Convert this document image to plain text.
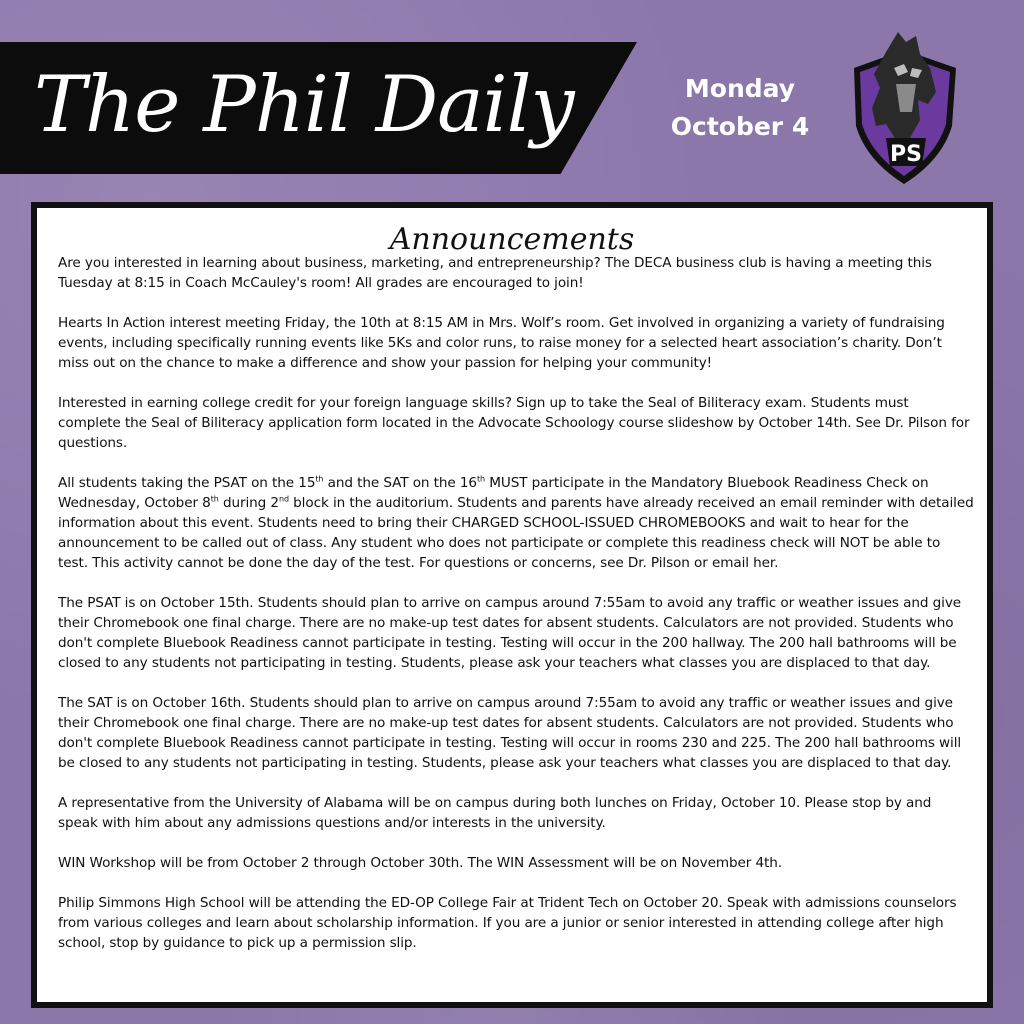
The Phil Daily	Monday
October 4
PS
Announcements

Are you interested in learning about business, marketing, and entrepreneurship? The DECA business club is having a meeting this Tuesday at 8:15 in Coach McCauley's room! All grades are encouraged to join!

Hearts In Action interest meeting Friday, the 10th at 8:15 AM in Mrs. Wolf’s room. Get involved in organizing a variety of fundraising events, including specifically running events like 5Ks and color runs, to raise money for a selected heart association’s charity. Don’t miss out on the chance to make a difference and show your passion for helping your community!

Interested in earning college credit for your foreign language skills? Sign up to take the Seal of Biliteracy exam. Students must complete the Seal of Biliteracy application form located in the Advocate Schoology course slideshow by October 14th. See Dr. Pilson for questions.

All students taking the PSAT on the 15th and the SAT on the 16th MUST participate in the Mandatory Bluebook Readiness Check on Wednesday, October 8th during 2nd block in the auditorium. Students and parents have already received an email reminder with detailed information about this event. Students need to bring their CHARGED SCHOOL-ISSUED CHROMEBOOKS and wait to hear for the announcement to be called out of class. Any student who does not participate or complete this readiness check will NOT be able to test. This activity cannot be done the day of the test. For questions or concerns, see Dr. Pilson or email her.

The PSAT is on October 15th. Students should plan to arrive on campus around 7:55am to avoid any traffic or weather issues and give their Chromebook one final charge. There are no make-up test dates for absent students. Calculators are not provided. Students who don't complete Bluebook Readiness cannot participate in testing. Testing will occur in the 200 hallway. The 200 hall bathrooms will be closed to any students not participating in testing. Students, please ask your teachers what classes you are displaced to that day.

The SAT is on October 16th. Students should plan to arrive on campus around 7:55am to avoid any traffic or weather issues and give their Chromebook one final charge. There are no make-up test dates for absent students. Calculators are not provided. Students who don't complete Bluebook Readiness cannot participate in testing. Testing will occur in rooms 230 and 225. The 200 hall bathrooms will be closed to any students not participating in testing. Students, please ask your teachers what classes you are displaced to that day.

A representative from the University of Alabama will be on campus during both lunches on Friday, October 10. Please stop by and speak with him about any admissions questions and/or interests in the university.

WIN Workshop will be from October 2 through October 30th. The WIN Assessment will be on November 4th.

Philip Simmons High School will be attending the ED-OP College Fair at Trident Tech on October 20. Speak with admissions counselors from various colleges and learn about scholarship information. If you are a junior or senior interested in attending college after high school, stop by guidance to pick up a permission slip.
